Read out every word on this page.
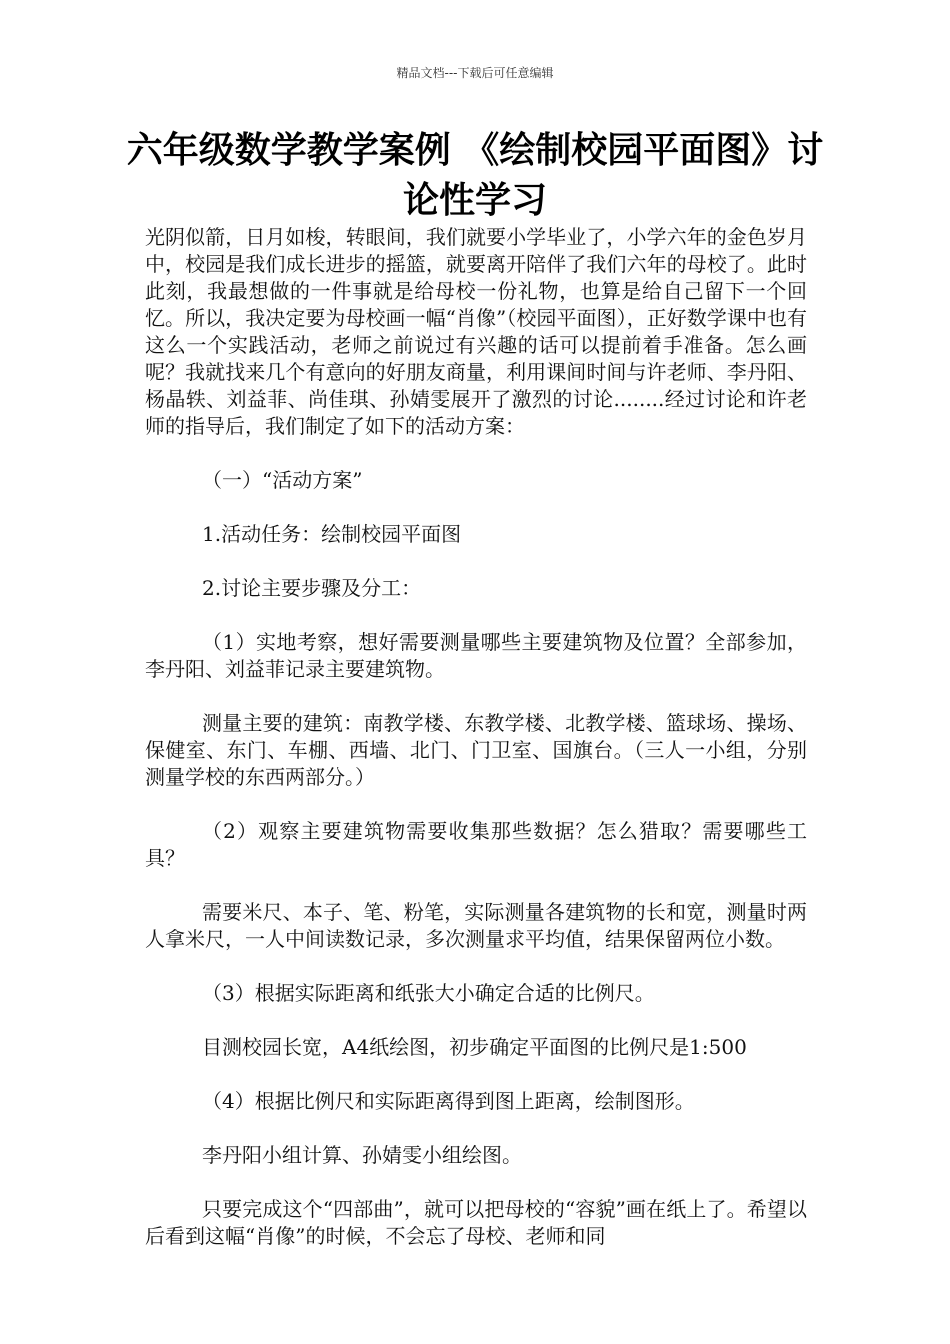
精品文档---下载后可任意编辑
六年级数学教学案例 《绘制校园平面图》讨论性学习

光阴似箭，日月如梭，转眼间，我们就要小学毕业了，小学六年的金色岁月中，校园是我们成长进步的摇篮，就要离开陪伴了我们六年的母校了。此时此刻，我最想做的一件事就是给母校一份礼物，也算是给自己留下一个回忆。所以，我决定要为母校画一幅“肖像”（校园平面图），正好数学课中也有这么一个实践活动，老师之前说过有兴趣的话可以提前着手准备。怎么画呢？我就找来几个有意向的好朋友商量，利用课间时间与许老师、李丹阳、杨晶轶、刘益菲、尚佳琪、孙婧雯展开了激烈的讨论........经过讨论和许老师的指导后，我们制定了如下的活动方案：

（一）“活动方案”

1.活动任务：绘制校园平面图

2.讨论主要步骤及分工：

（1）实地考察，想好需要测量哪些主要建筑物及位置？全部参加，李丹阳、刘益菲记录主要建筑物。

测量主要的建筑：南教学楼、东教学楼、北教学楼、篮球场、操场、保健室、东门、车棚、西墙、北门、门卫室、国旗台。（三人一小组，分别测量学校的东西两部分。）

（2）观察主要建筑物需要收集那些数据？怎么猎取？需要哪些工具？

需要米尺、本子、笔、粉笔，实际测量各建筑物的长和宽，测量时两人拿米尺，一人中间读数记录，多次测量求平均值，结果保留两位小数。

（3）根据实际距离和纸张大小确定合适的比例尺。

目测校园长宽，A4纸绘图，初步确定平面图的比例尺是1:500

（4）根据比例尺和实际距离得到图上距离，绘制图形。

李丹阳小组计算、孙婧雯小组绘图。

只要完成这个“四部曲”，就可以把母校的“容貌”画在纸上了。希望以后看到这幅“肖像”的时候，不会忘了母校、老师和同
